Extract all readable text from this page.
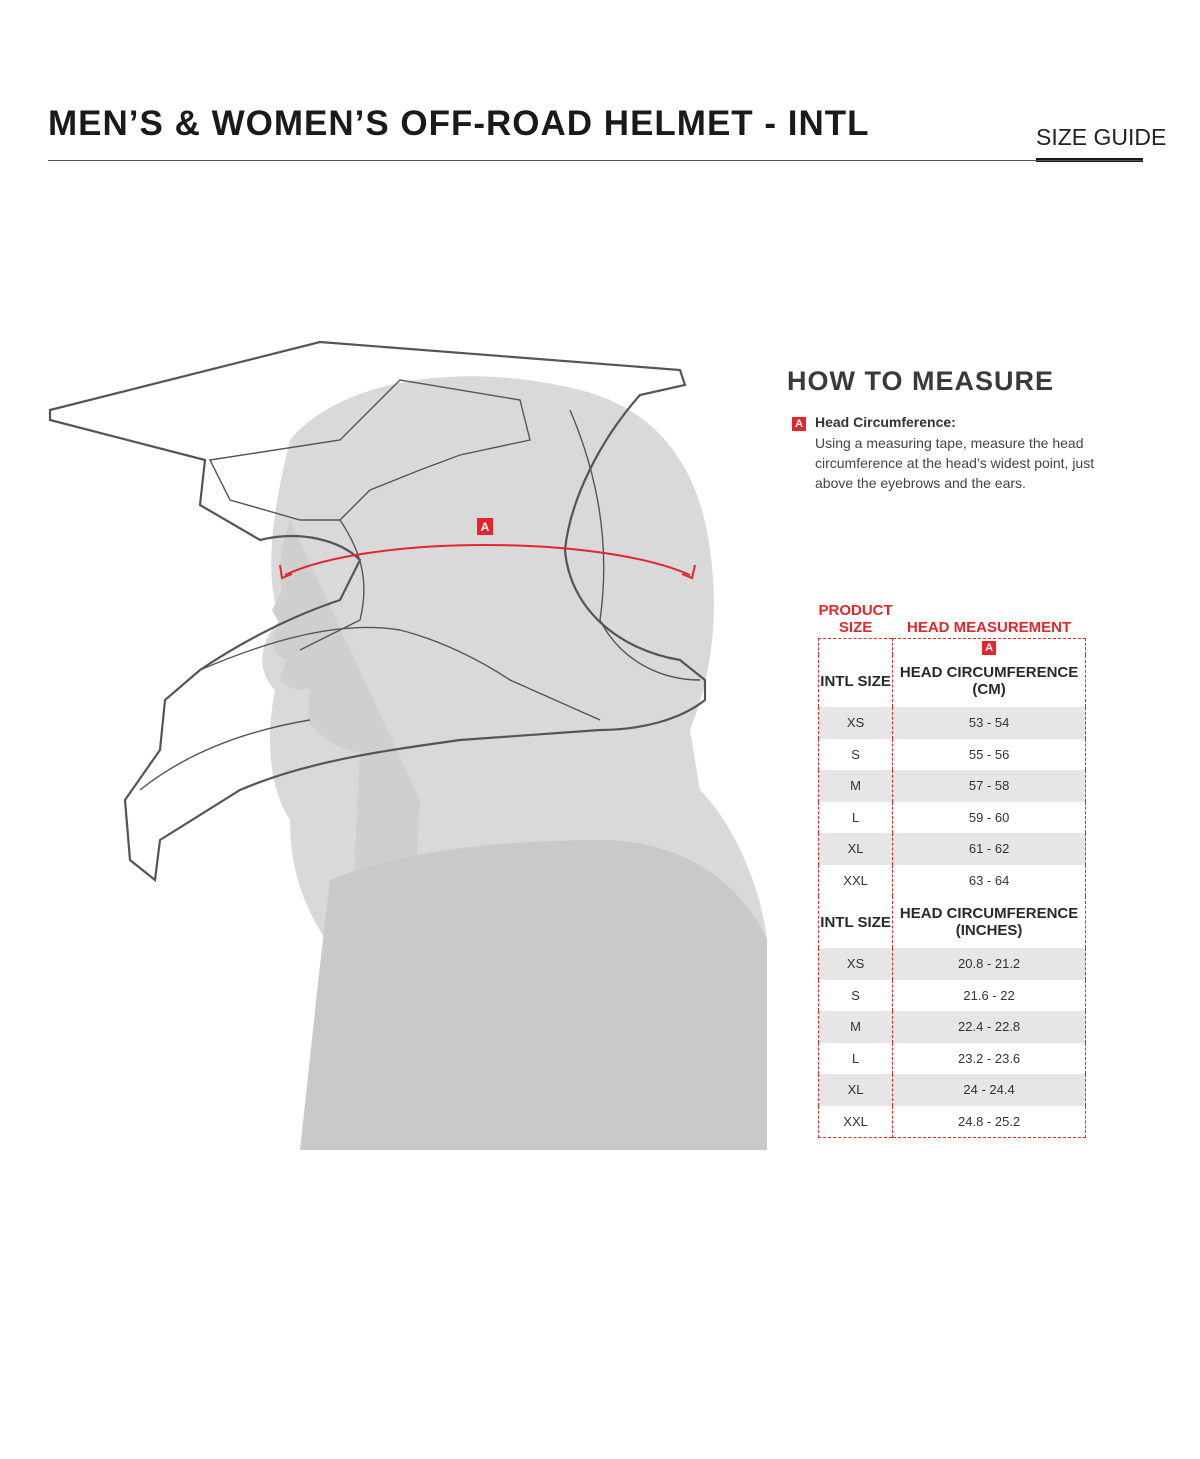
MEN’S & WOMEN’S OFF-ROAD HELMET - INTL	SIZE GUIDE
A
HOW TO MEASURE
A Head Circumference:

Using a measuring tape, measure the head circumference at the head’s widest point, just above the eyebrows and the ears.

PRODUCT SIZE	HEAD MEASUREMENT
	A
INTL SIZE	HEAD CIRCUMFERENCE (CM)
XS	53 - 54
S	55 - 56
M	57 - 58
L	59 - 60
XL	61 - 62
XXL	63 - 64
INTL SIZE	HEAD CIRCUMFERENCE (INCHES)
XS	20.8 - 21.2
S	21.6 - 22
M	22.4 - 22.8
L	23.2 - 23.6
XL	24 - 24.4
XXL	24.8 - 25.2
